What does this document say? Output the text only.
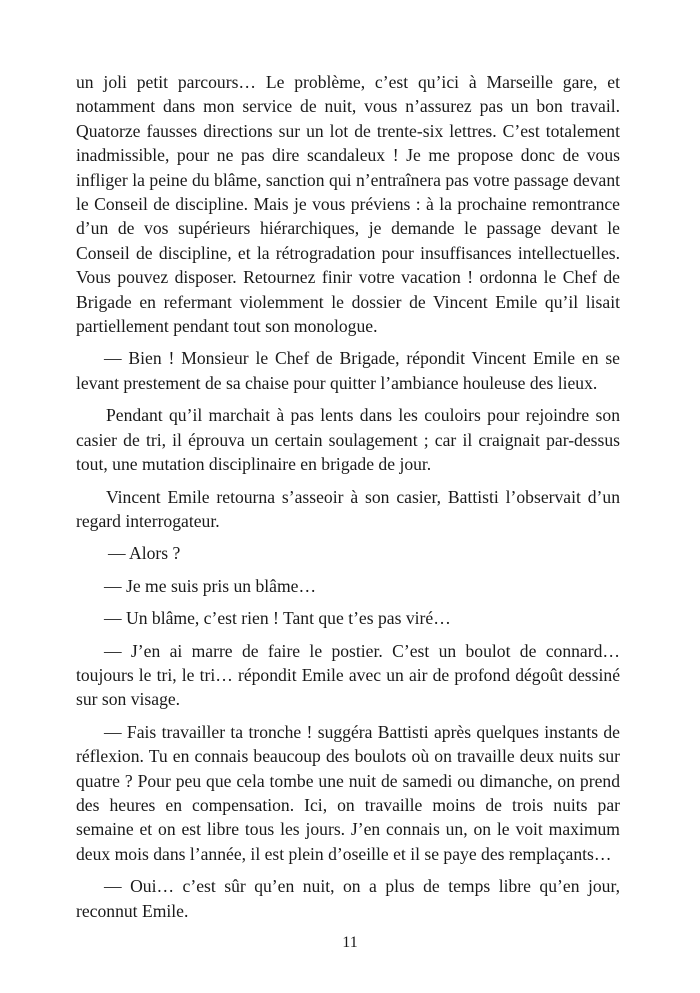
un joli petit parcours… Le problème, c’est qu’ici à Marseille gare, et notamment dans mon service de nuit, vous n’assurez pas un bon travail. Quatorze fausses directions sur un lot de trente-six lettres. C’est totalement inadmissible, pour ne pas dire scandaleux ! Je me propose donc de vous infliger la peine du blâme, sanction qui n’entraînera pas votre passage devant le Conseil de discipline. Mais je vous préviens : à la prochaine remontrance d’un de vos supérieurs hiérarchiques, je demande le passage devant le Conseil de discipline, et la rétrogradation pour insuffisances intellectuelles. Vous pouvez disposer. Retournez finir votre vacation ! ordonna le Chef de Brigade en refermant violemment le dossier de Vincent Emile qu’il lisait partiellement pendant tout son monologue.

— Bien ! Monsieur le Chef de Brigade, répondit Vincent Emile en se levant prestement de sa chaise pour quitter l’ambiance houleuse des lieux.

Pendant qu’il marchait à pas lents dans les couloirs pour rejoindre son casier de tri, il éprouva un certain soulagement ; car il craignait par-dessus tout, une mutation disciplinaire en brigade de jour.

Vincent Emile retourna s’asseoir à son casier, Battisti l’observait d’un regard interrogateur.

— Alors ?

— Je me suis pris un blâme…

— Un blâme, c’est rien ! Tant que t’es pas viré…

— J’en ai marre de faire le postier. C’est un boulot de connard… toujours le tri, le tri… répondit Emile avec un air de profond dégoût dessiné sur son visage.

— Fais travailler ta tronche ! suggéra Battisti après quelques instants de réflexion. Tu en connais beaucoup des boulots où on travaille deux nuits sur quatre ? Pour peu que cela tombe une nuit de samedi ou dimanche, on prend des heures en compensation. Ici, on travaille moins de trois nuits par semaine et on est libre tous les jours. J’en connais un, on le voit maximum deux mois dans l’année, il est plein d’oseille et il se paye des remplaçants…

— Oui… c’est sûr qu’en nuit, on a plus de temps libre qu’en jour, reconnut Emile.

11
